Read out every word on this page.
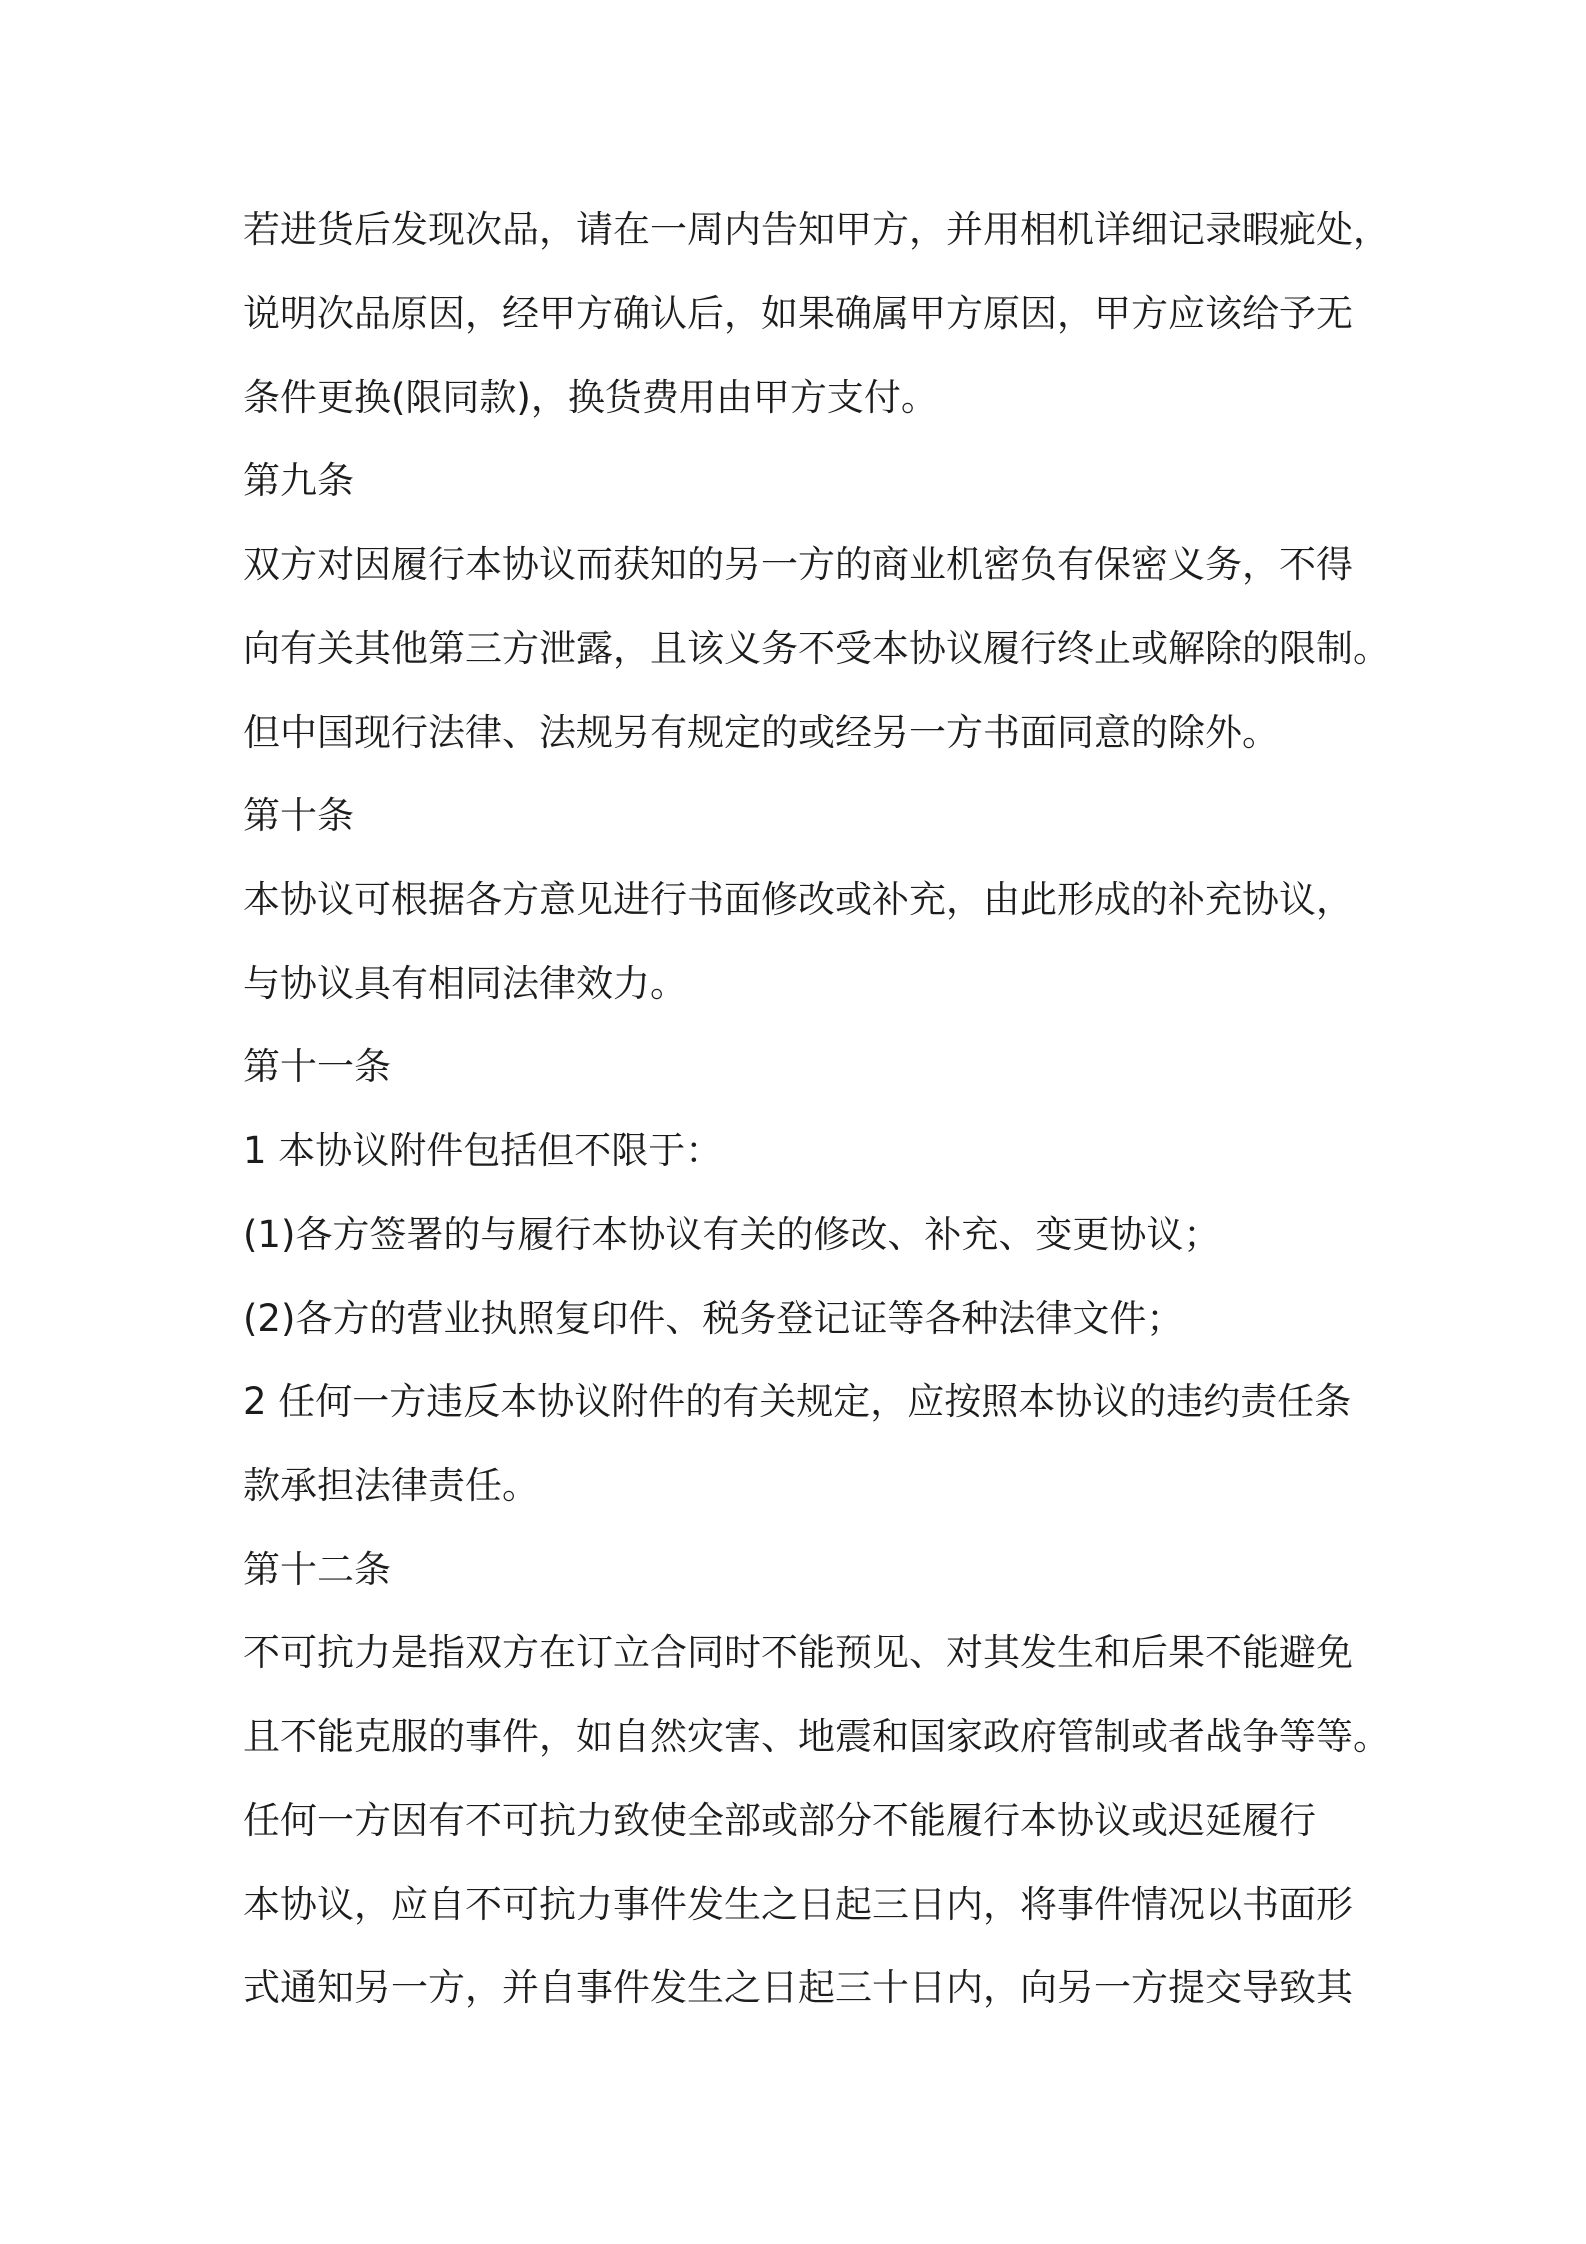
若进货后发现次品，请在一周内告知甲方，并用相机详细记录暇疵处，

说明次品原因，经甲方确认后，如果确属甲方原因，甲方应该给予无

条件更换(限同款)，换货费用由甲方支付。

第九条

双方对因履行本协议而获知的另一方的商业机密负有保密义务，不得

向有关其他第三方泄露，且该义务不受本协议履行终止或解除的限制。

但中国现行法律、法规另有规定的或经另一方书面同意的除外。

第十条

本协议可根据各方意见进行书面修改或补充，由此形成的补充协议，

与协议具有相同法律效力。

第十一条

1 本协议附件包括但不限于：

(1)各方签署的与履行本协议有关的修改、补充、变更协议；

(2)各方的营业执照复印件、税务登记证等各种法律文件；

2 任何一方违反本协议附件的有关规定，应按照本协议的违约责任条

款承担法律责任。

第十二条

不可抗力是指双方在订立合同时不能预见、对其发生和后果不能避免

且不能克服的事件，如自然灾害、地震和国家政府管制或者战争等等。

任何一方因有不可抗力致使全部或部分不能履行本协议或迟延履行

本协议，应自不可抗力事件发生之日起三日内，将事件情况以书面形

式通知另一方，并自事件发生之日起三十日内，向另一方提交导致其
